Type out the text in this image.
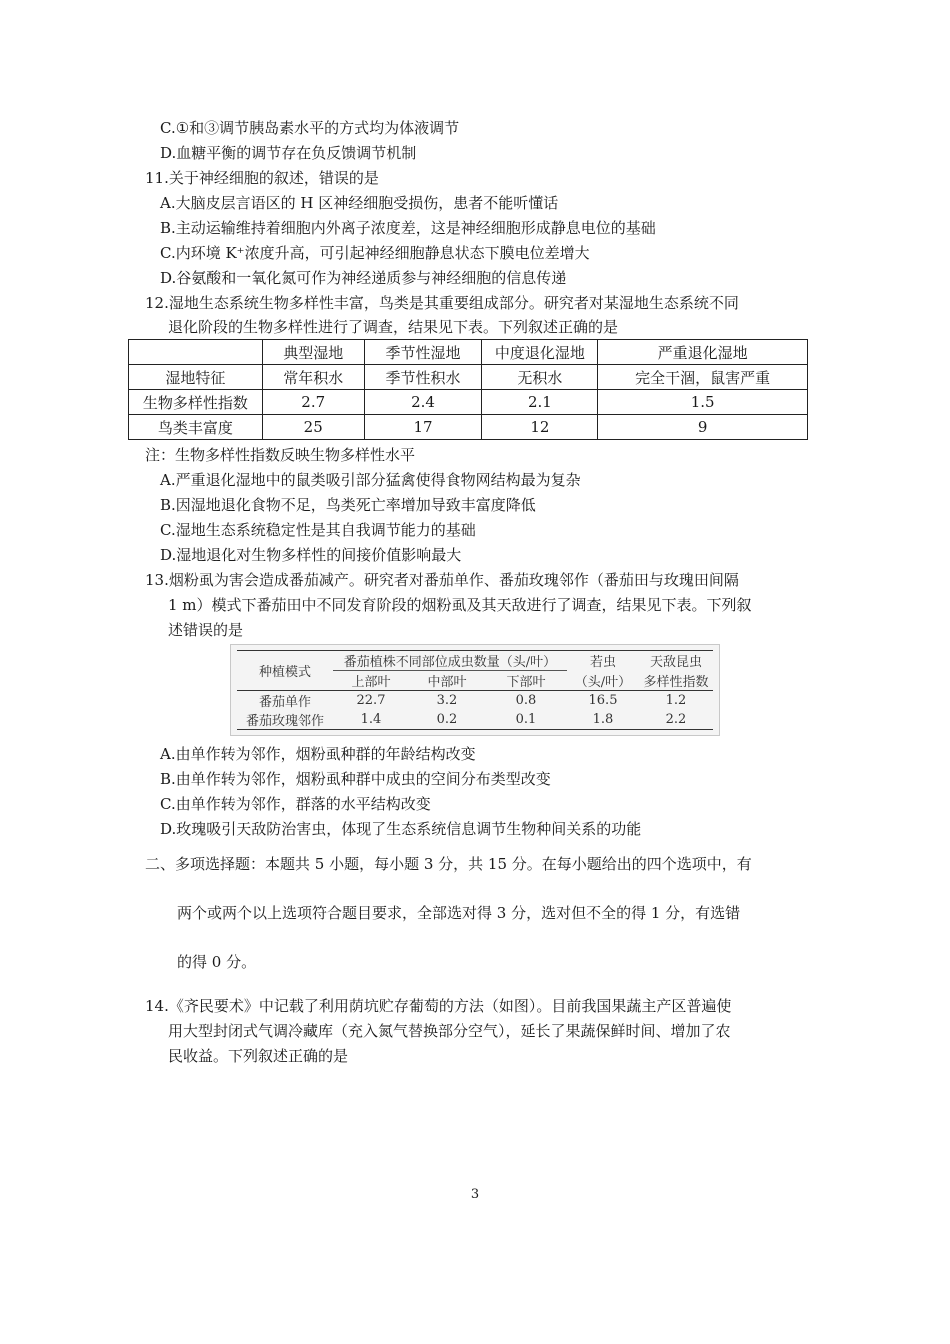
C.①和③调节胰岛素水平的方式均为体液调节
D.血糖平衡的调节存在负反馈调节机制
11.关于神经细胞的叙述，错误的是
A.大脑皮层言语区的 H 区神经细胞受损伤，患者不能听懂话
B.主动运输维持着细胞内外离子浓度差，这是神经细胞形成静息电位的基础
C.内环境 K⁺浓度升高，可引起神经细胞静息状态下膜电位差增大
D.谷氨酸和一氧化氮可作为神经递质参与神经细胞的信息传递
12.湿地生态系统生物多样性丰富，鸟类是其重要组成部分。研究者对某湿地生态系统不同
退化阶段的生物多样性进行了调查，结果见下表。下列叙述正确的是
	典型湿地	季节性湿地	中度退化湿地	严重退化湿地
湿地特征	常年积水	季节性积水	无积水	完全干涸，鼠害严重
生物多样性指数	2.7	2.4	2.1	1.5
鸟类丰富度	25	17	12	9
注：生物多样性指数反映生物多样性水平
A.严重退化湿地中的鼠类吸引部分猛禽使得食物网结构最为复杂
B.因湿地退化食物不足，鸟类死亡率增加导致丰富度降低
C.湿地生态系统稳定性是其自我调节能力的基础
D.湿地退化对生物多样性的间接价值影响最大
13.烟粉虱为害会造成番茄减产。研究者对番茄单作、番茄玫瑰邻作（番茄田与玫瑰田间隔
1 m）模式下番茄田中不同发育阶段的烟粉虱及其天敌进行了调查，结果见下表。下列叙
述错误的是
种植模式	番茄植株不同部位成虫数量（头/叶）			若虫	天敌昆虫
	上部叶	中部叶	下部叶	（头/叶）	多样性指数
番茄单作	22.7	3.2	0.8	16.5	1.2
番茄玫瑰邻作	1.4	0.2	0.1	1.8	2.2
A.由单作转为邻作，烟粉虱种群的年龄结构改变
B.由单作转为邻作，烟粉虱种群中成虫的空间分布类型改变
C.由单作转为邻作，群落的水平结构改变
D.玫瑰吸引天敌防治害虫，体现了生态系统信息调节生物种间关系的功能
二、多项选择题：本题共 5 小题，每小题 3 分，共 15 分。在每小题给出的四个选项中，有
两个或两个以上选项符合题目要求，全部选对得 3 分，选对但不全的得 1 分，有选错
的得 0 分。
14.《齐民要术》中记载了利用荫坑贮存葡萄的方法（如图）。目前我国果蔬主产区普遍使
用大型封闭式气调冷藏库（充入氮气替换部分空气），延长了果蔬保鲜时间、增加了农
民收益。下列叙述正确的是
3
